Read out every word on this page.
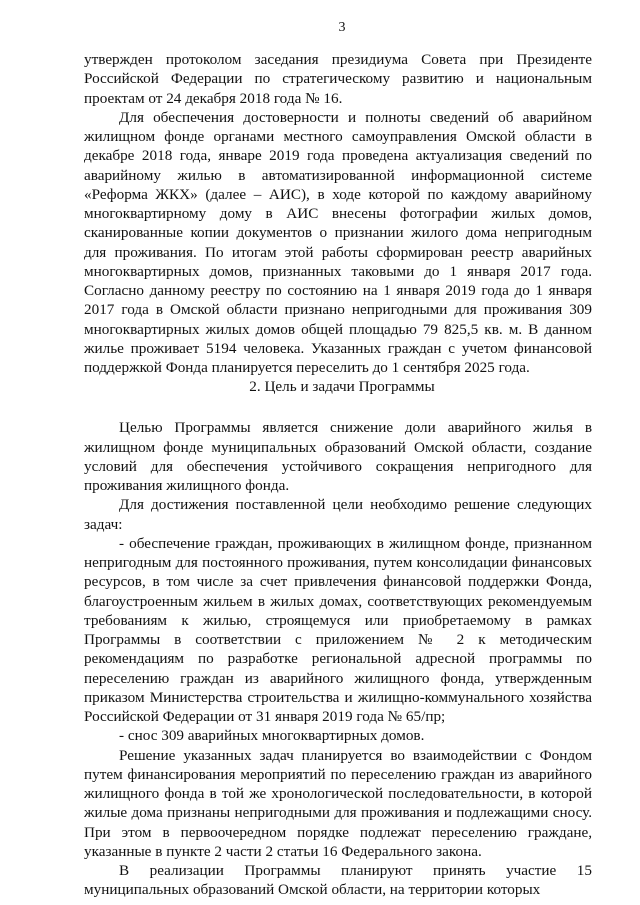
3

утвержден протоколом заседания президиума Совета при Президенте Российской Федерации по стратегическому развитию и национальным проектам от 24 декабря 2018 года № 16.

Для обеспечения достоверности и полноты сведений об аварийном жилищном фонде органами местного самоуправления Омской области в декабре 2018 года, январе 2019 года проведена актуализация сведений по аварийному жилью в автоматизированной информационной системе «Реформа ЖКХ» (далее – АИС), в ходе которой по каждому аварийному многоквартирному дому в АИС внесены фотографии жилых домов, сканированные копии документов о признании жилого дома непригодным для проживания. По итогам этой работы сформирован реестр аварийных многоквартирных домов, признанных таковыми до 1 января 2017 года. Согласно данному реестру по состоянию на 1 января 2019 года до 1 января 2017 года в Омской области признано непригодными для проживания 309 многоквартирных жилых домов общей площадью 79 825,5 кв. м. В данном жилье проживает 5194 человека. Указанных граждан с учетом финансовой поддержкой Фонда планируется переселить до 1 сентября 2025 года.

2. Цель и задачи Программы

Целью Программы является снижение доли аварийного жилья в жилищном фонде муниципальных образований Омской области, создание условий для обеспечения устойчивого сокращения непригодного для проживания жилищного фонда.

Для достижения поставленной цели необходимо решение следующих задач:

- обеспечение граждан, проживающих в жилищном фонде, признанном непригодным для постоянного проживания, путем консолидации финансовых ресурсов, в том числе за счет привлечения финансовой поддержки Фонда, благоустроенным жильем в жилых домах, соответствующих рекомендуемым требованиям к жилью, строящемуся или приобретаемому в рамках Программы в соответствии с приложением № 2 к методическим рекомендациям по разработке региональной адресной программы по переселению граждан из аварийного жилищного фонда, утвержденным приказом Министерства строительства и жилищно-коммунального хозяйства Российской Федерации от 31 января 2019 года № 65/пр;

- снос 309 аварийных многоквартирных домов.

Решение указанных задач планируется во взаимодействии с Фондом путем финансирования мероприятий по переселению граждан из аварийного жилищного фонда в той же хронологической последовательности, в которой жилые дома признаны непригодными для проживания и подлежащими сносу. При этом в первоочередном порядке подлежат переселению граждане, указанные в пункте 2 части 2 статьи 16 Федерального закона.

В реализации Программы планируют принять участие 15 муниципальных образований Омской области, на территории которых
